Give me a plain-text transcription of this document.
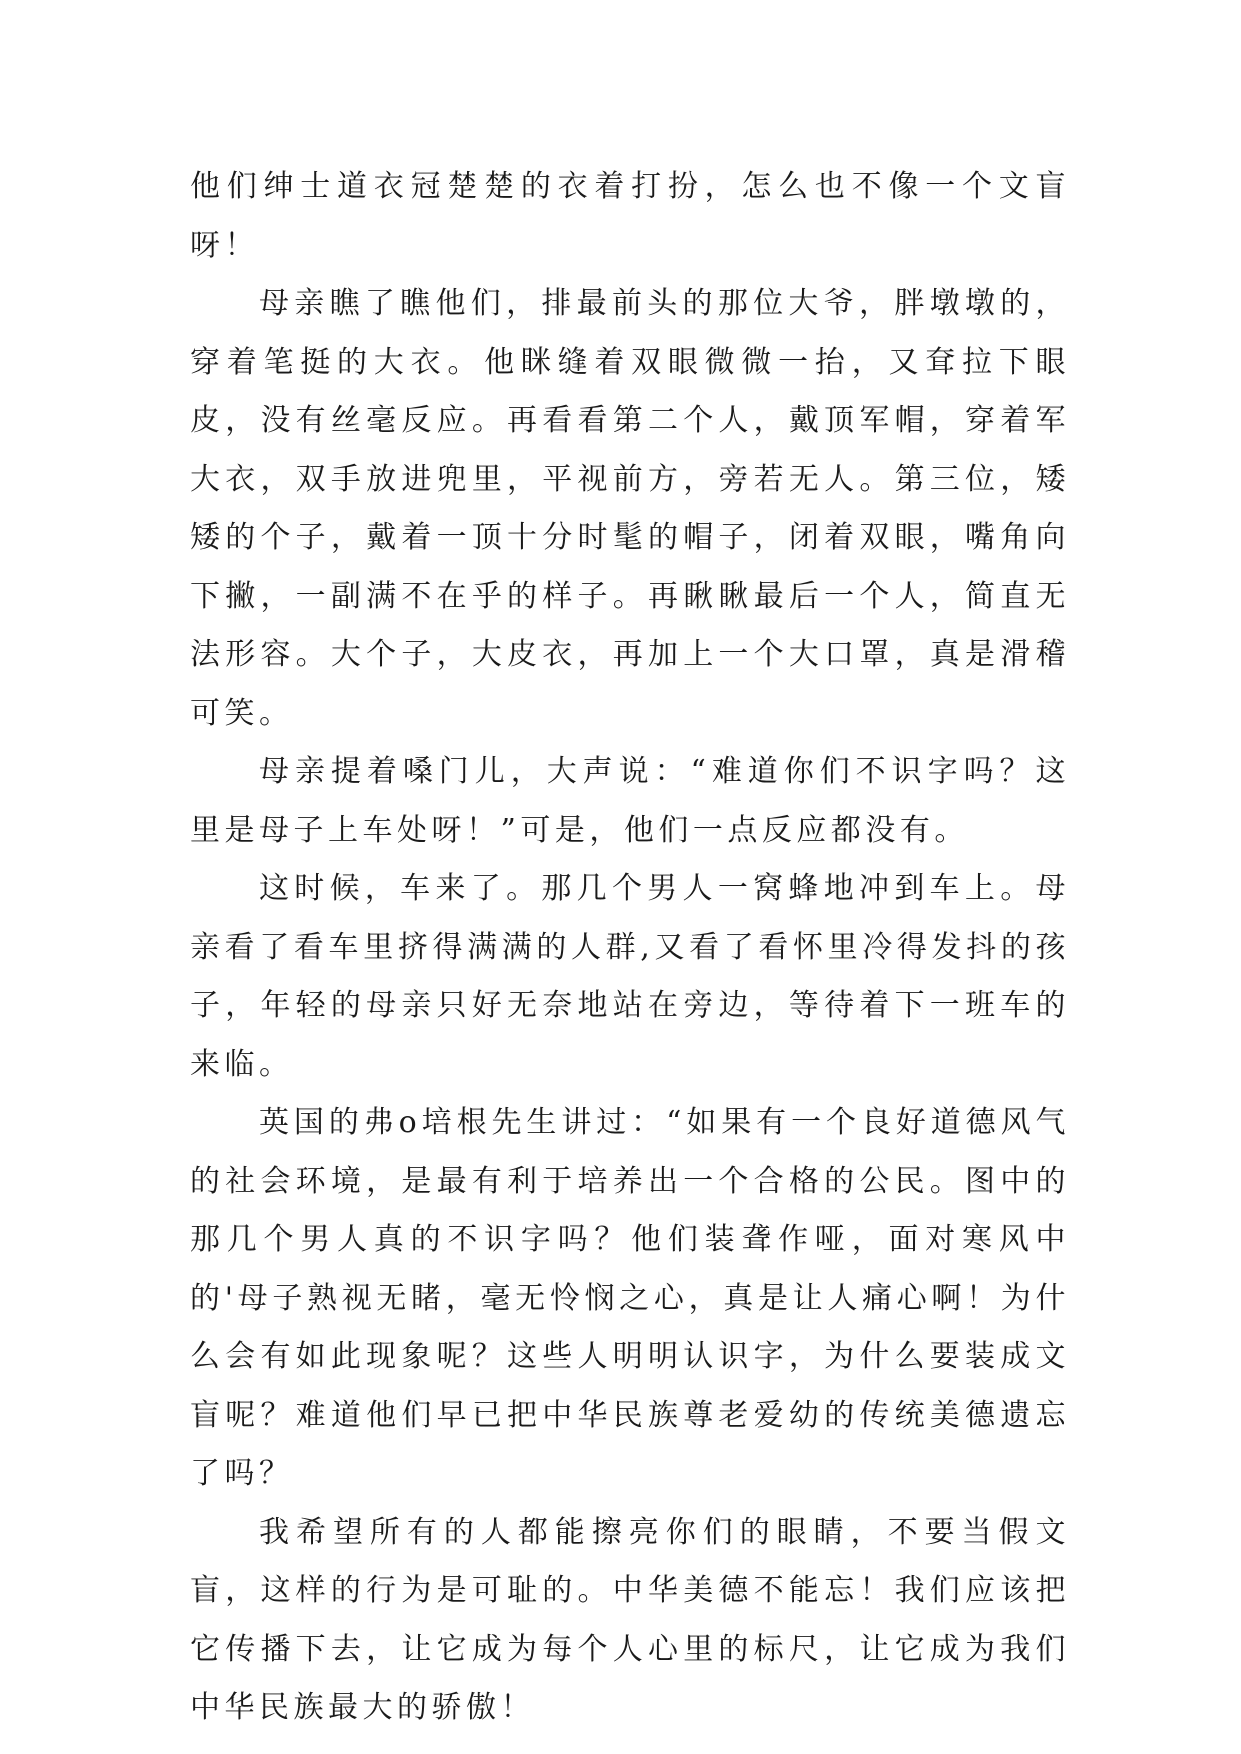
他们绅士道衣冠楚楚的衣着打扮，怎么也不像一个文盲呀！

母亲瞧了瞧他们，排最前头的那位大爷，胖墩墩的，穿着笔挺的大衣。他眯缝着双眼微微一抬，又耷拉下眼皮，没有丝毫反应。再看看第二个人，戴顶军帽，穿着军大衣，双手放进兜里，平视前方，旁若无人。第三位，矮矮的个子，戴着一顶十分时髦的帽子，闭着双眼，嘴角向下撇，一副满不在乎的样子。再瞅瞅最后一个人，简直无法形容。大个子，大皮衣，再加上一个大口罩，真是滑稽可笑。

母亲提着嗓门儿，大声说：“难道你们不识字吗？这里是母子上车处呀！”可是，他们一点反应都没有。

这时候，车来了。那几个男人一窝蜂地冲到车上。母亲看了看车里挤得满满的人群,又看了看怀里冷得发抖的孩子，年轻的母亲只好无奈地站在旁边，等待着下一班车的来临。

英国的弗ο培根先生讲过：“如果有一个良好道德风气的社会环境，是最有利于培养出一个合格的公民。图中的那几个男人真的不识字吗？他们装聋作哑，面对寒风中的'母子熟视无睹，毫无怜悯之心，真是让人痛心啊！为什么会有如此现象呢？这些人明明认识字，为什么要装成文盲呢？难道他们早已把中华民族尊老爱幼的传统美德遗忘了吗？

我希望所有的人都能擦亮你们的眼睛，不要当假文盲，这样的行为是可耻的。中华美德不能忘！我们应该把它传播下去，让它成为每个人心里的标尺，让它成为我们中华民族最大的骄傲！
